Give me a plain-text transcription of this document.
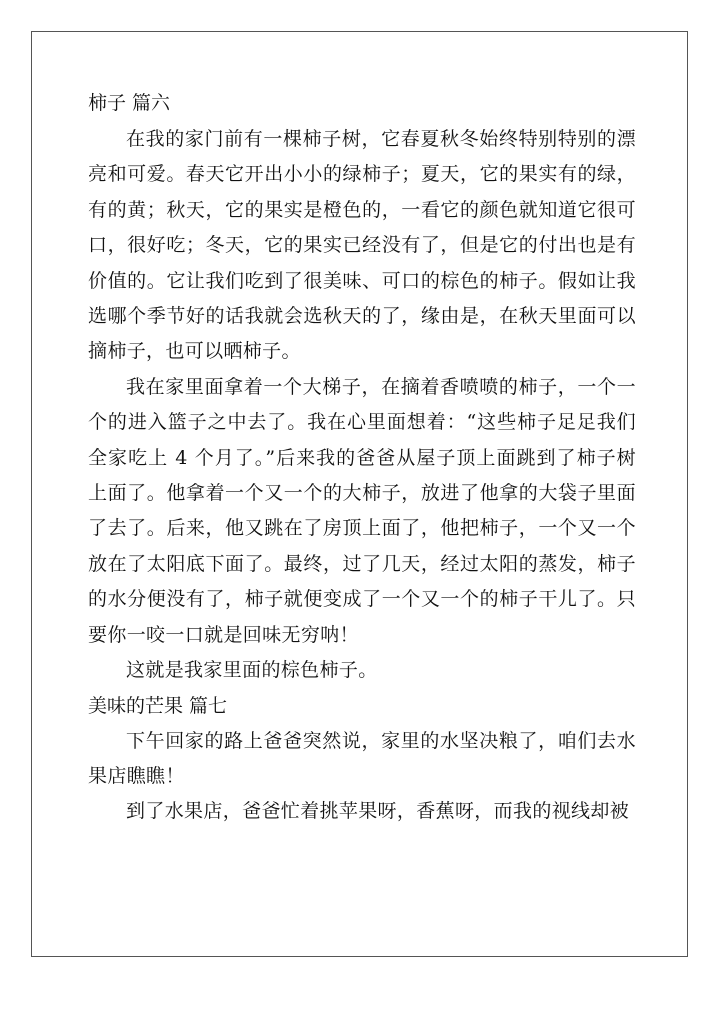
柿子 篇六

在我的家门前有一棵柿子树，它春夏秋冬始终特别特别的漂亮和可爱。春天它开出小小的绿柿子；夏天，它的果实有的绿，有的黄；秋天，它的果实是橙色的，一看它的颜色就知道它很可口，很好吃；冬天，它的果实已经没有了，但是它的付出也是有价值的。它让我们吃到了很美味、可口的棕色的柿子。假如让我选哪个季节好的话我就会选秋天的了，缘由是，在秋天里面可以摘柿子，也可以晒柿子。

我在家里面拿着一个大梯子，在摘着香喷喷的柿子，一个一个的进入篮子之中去了。我在心里面想着：“这些柿子足足我们全家吃上 4 个月了。”后来我的爸爸从屋子顶上面跳到了柿子树上面了。他拿着一个又一个的大柿子，放进了他拿的大袋子里面了去了。后来，他又跳在了房顶上面了，他把柿子，一个又一个放在了太阳底下面了。最终，过了几天，经过太阳的蒸发，柿子的水分便没有了，柿子就便变成了一个又一个的柿子干儿了。只要你一咬一口就是回味无穷呐！

这就是我家里面的棕色柿子。

美味的芒果 篇七

下午回家的路上爸爸突然说，家里的水坚决粮了，咱们去水果店瞧瞧！

到了水果店，爸爸忙着挑苹果呀，香蕉呀，而我的视线却被
